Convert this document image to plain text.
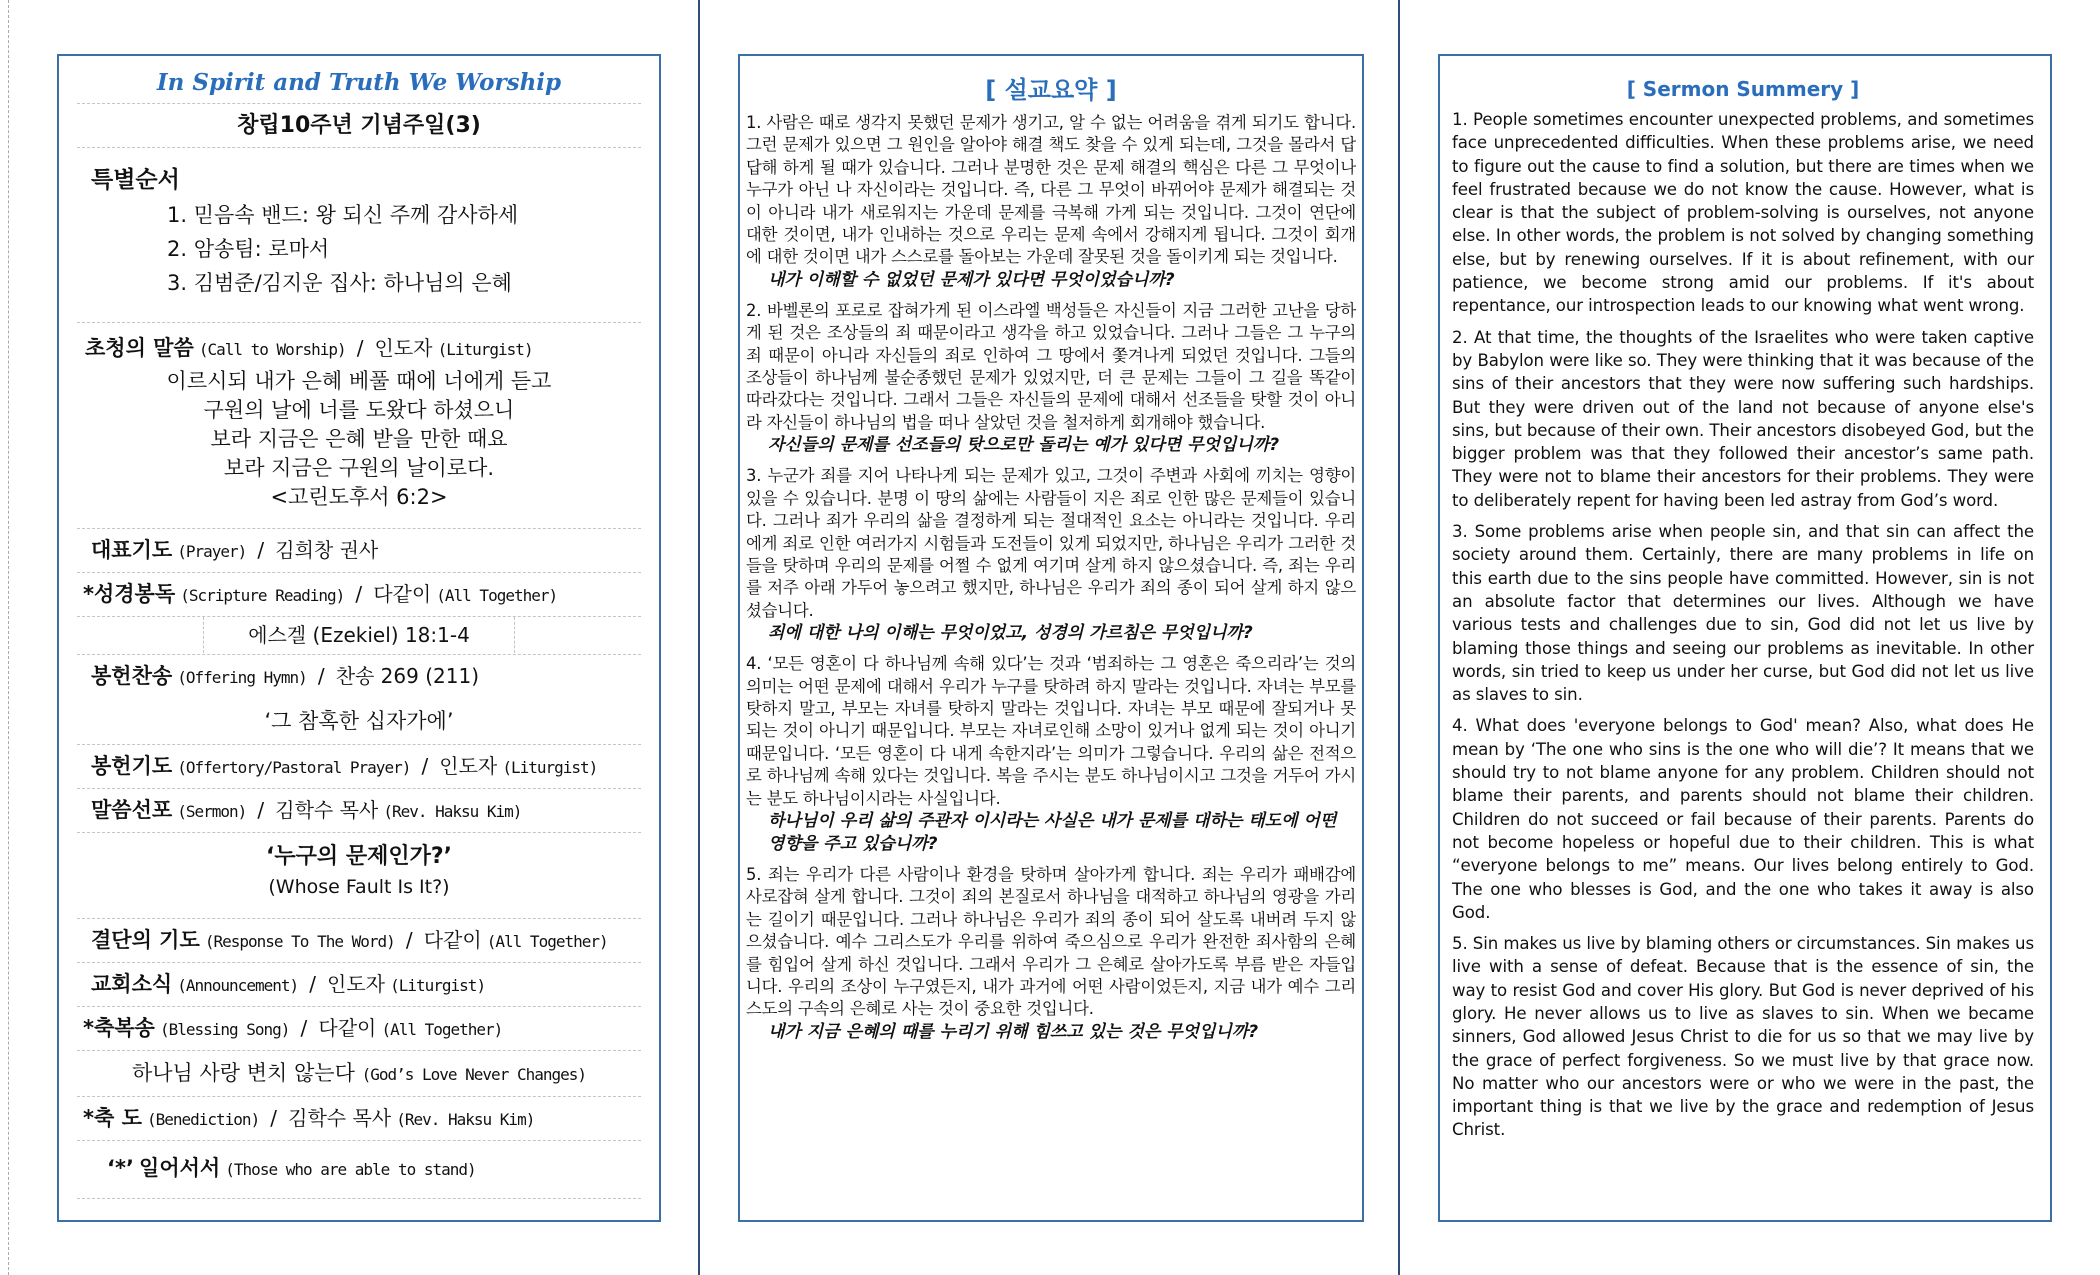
In Spirit and Truth We Worship
창립10주년 기념주일(3)
특별순서
1. 믿음속 밴드: 왕 되신 주께 감사하세
2. 암송팀: 로마서
3. 김범준/김지운 집사: 하나님의 은혜
초청의 말씀 (Call to Worship) / 인도자 (Liturgist)
이르시되 내가 은혜 베풀 때에 너에게 듣고
구원의 날에 너를 도왔다 하셨으니
보라 지금은 은혜 받을 만한 때요
보라 지금은 구원의 날이로다.
<고린도후서 6:2>
대표기도 (Prayer) / 김희창 권사
*성경봉독 (Scripture Reading) / 다같이 (All Together)
에스겔 (Ezekiel) 18:1-4
봉헌찬송 (Offering Hymn) / 찬송 269 (211)
‘그 참혹한 십자가에’
봉헌기도 (Offertory/Pastoral Prayer) / 인도자 (Liturgist)
말씀선포 (Sermon) / 김학수 목사 (Rev. Haksu Kim)
‘누구의 문제인가?’
(Whose Fault Is It?)
결단의 기도 (Response To The Word) / 다같이 (All Together)
교회소식 (Announcement) / 인도자 (Liturgist)
*축복송 (Blessing Song) / 다같이 (All Together)
하나님 사랑 변치 않는다 (God’s Love Never Changes)
*축 도 (Benediction) / 김학수 목사 (Rev. Haksu Kim)
‘*’ 일어서서 (Those who are able to stand)
[ 설교요약 ]
1. 사람은 때로 생각지 못했던 문제가 생기고, 알 수 없는 어려움을 겪게 되기도 합니다. 그런 문제가 있으면 그 원인을 알아야 해결 책도 찾을 수 있게 되는데, 그것을 몰라서 답답해 하게 될 때가 있습니다. 그러나 분명한 것은 문제 해결의 핵심은 다른 그 무엇이나 누구가 아닌 나 자신이라는 것입니다. 즉, 다른 그 무엇이 바뀌어야 문제가 해결되는 것이 아니라 내가 새로워지는 가운데 문제를 극복해 가게 되는 것입니다. 그것이 연단에 대한 것이면, 내가 인내하는 것으로 우리는 문제 속에서 강해지게 됩니다. 그것이 회개에 대한 것이면 내가 스스로를 돌아보는 가운데 잘못된 것을 돌이키게 되는 것입니다.
내가 이해할 수 없었던 문제가 있다면 무엇이었습니까?
2. 바벨론의 포로로 잡혀가게 된 이스라엘 백성들은 자신들이 지금 그러한 고난을 당하게 된 것은 조상들의 죄 때문이라고 생각을 하고 있었습니다. 그러나 그들은 그 누구의 죄 때문이 아니라 자신들의 죄로 인하여 그 땅에서 쫓겨나게 되었던 것입니다. 그들의 조상들이 하나님께 불순종했던 문제가 있었지만, 더 큰 문제는 그들이 그 길을 똑같이 따라갔다는 것입니다. 그래서 그들은 자신들의 문제에 대해서 선조들을 탓할 것이 아니라 자신들이 하나님의 법을 떠나 살았던 것을 철저하게 회개해야 했습니다.
자신들의 문제를 선조들의 탓으로만 돌리는 예가 있다면 무엇입니까?
3. 누군가 죄를 지어 나타나게 되는 문제가 있고, 그것이 주변과 사회에 끼치는 영향이 있을 수 있습니다. 분명 이 땅의 삶에는 사람들이 지은 죄로 인한 많은 문제들이 있습니다. 그러나 죄가 우리의 삶을 결정하게 되는 절대적인 요소는 아니라는 것입니다. 우리에게 죄로 인한 여러가지 시험들과 도전들이 있게 되었지만, 하나님은 우리가 그러한 것들을 탓하며 우리의 문제를 어쩔 수 없게 여기며 살게 하지 않으셨습니다. 즉, 죄는 우리를 저주 아래 가두어 놓으려고 했지만, 하나님은 우리가 죄의 종이 되어 살게 하지 않으셨습니다.
죄에 대한 나의 이해는 무엇이었고, 성경의 가르침은 무엇입니까?
4. ‘모든 영혼이 다 하나님께 속해 있다’는 것과 ‘범죄하는 그 영혼은 죽으리라’는 것의 의미는 어떤 문제에 대해서 우리가 누구를 탓하려 하지 말라는 것입니다. 자녀는 부모를 탓하지 말고, 부모는 자녀를 탓하지 말라는 것입니다. 자녀는 부모 때문에 잘되거나 못되는 것이 아니기 때문입니다. 부모는 자녀로인해 소망이 있거나 없게 되는 것이 아니기 때문입니다. ‘모든 영혼이 다 내게 속한지라’는 의미가 그렇습니다. 우리의 삶은 전적으로 하나님께 속해 있다는 것입니다. 복을 주시는 분도 하나님이시고 그것을 거두어 가시는 분도 하나님이시라는 사실입니다.
하나님이 우리 삶의 주관자 이시라는 사실은 내가 문제를 대하는 태도에 어떤 영향을 주고 있습니까?
5. 죄는 우리가 다른 사람이나 환경을 탓하며 살아가게 합니다. 죄는 우리가 패배감에 사로잡혀 살게 합니다. 그것이 죄의 본질로서 하나님을 대적하고 하나님의 영광을 가리는 길이기 때문입니다. 그러나 하나님은 우리가 죄의 종이 되어 살도록 내버려 두지 않으셨습니다. 예수 그리스도가 우리를 위하여 죽으심으로 우리가 완전한 죄사함의 은혜를 힘입어 살게 하신 것입니다. 그래서 우리가 그 은혜로 살아가도록 부름 받은 자들입니다. 우리의 조상이 누구였든지, 내가 과거에 어떤 사람이었든지, 지금 내가 예수 그리스도의 구속의 은혜로 사는 것이 중요한 것입니다.
내가 지금 은혜의 때를 누리기 위해 힘쓰고 있는 것은 무엇입니까?
[ Sermon Summery ]
1. People sometimes encounter unexpected problems, and sometimes face unprecedented difficulties. When these problems arise, we need to figure out the cause to find a solution, but there are times when we feel frustrated because we do not know the cause. However, what is clear is that the subject of problem-solving is ourselves, not anyone else. In other words, the problem is not solved by changing something else, but by renewing ourselves. If it is about refinement, with our patience, we become strong amid our problems. If it's about repentance, our introspection leads to our knowing what went wrong.
2. At that time, the thoughts of the Israelites who were taken captive by Babylon were like so. They were thinking that it was because of the sins of their ancestors that they were now suffering such hardships. But they were driven out of the land not because of anyone else's sins, but because of their own. Their ancestors disobeyed God, but the bigger problem was that they followed their ancestor’s same path. They were not to blame their ancestors for their problems. They were to deliberately repent for having been led astray from God’s word.
3. Some problems arise when people sin, and that sin can affect the society around them. Certainly, there are many problems in life on this earth due to the sins people have committed. However, sin is not an absolute factor that determines our lives. Although we have various tests and challenges due to sin, God did not let us live by blaming those things and seeing our problems as inevitable. In other words, sin tried to keep us under her curse, but God did not let us live as slaves to sin.
4. What does 'everyone belongs to God' mean? Also, what does He mean by ‘The one who sins is the one who will die’? It means that we should try to not blame anyone for any problem. Children should not blame their parents, and parents should not blame their children. Children do not succeed or fail because of their parents. Parents do not become hopeless or hopeful due to their children. This is what “everyone belongs to me” means. Our lives belong entirely to God. The one who blesses is God, and the one who takes it away is also God.
5. Sin makes us live by blaming others or circumstances. Sin makes us live with a sense of defeat. Because that is the essence of sin, the way to resist God and cover His glory. But God is never deprived of his glory. He never allows us to live as slaves to sin. When we became sinners, God allowed Jesus Christ to die for us so that we may live by the grace of perfect forgiveness. So we must live by that grace now. No matter who our ancestors were or who we were in the past, the important thing is that we live by the grace and redemption of Jesus Christ.
